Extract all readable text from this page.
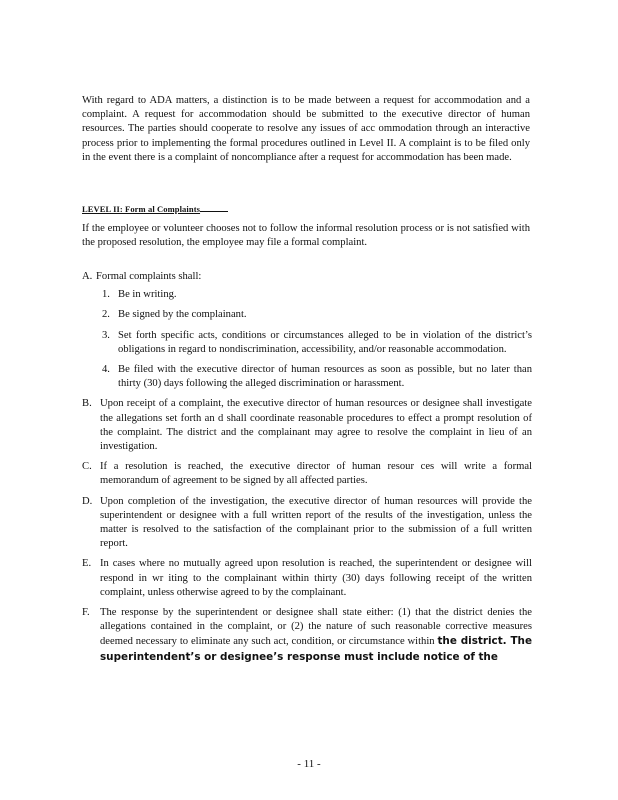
With regard to ADA matters, a distinction is to be made between a request for accommodation and a complaint. A request for accommodation should be submitted to the executive director of human resources. The parties should cooperate to resolve any issues of acc ommodation through an interactive process prior to implementing the formal procedures outlined in Level II. A complaint is to be filed only in the event there is a complaint of noncompliance after a request for accommodation has been made.

LEVEL II: Form al Complaints

If the employee or volunteer chooses not to follow the informal resolution process or is not satisfied with the proposed resolution, the employee may file a formal complaint.

A. Formal complaints shall:
1. Be in writing.
2. Be signed by the complainant.
3. Set forth specific acts, conditions or circumstances alleged to be in violation of the district’s obligations in regard to nondiscrimination, accessibility, and/or reasonable accommodation.
4. Be filed with the executive director of human resources as soon as possible, but no later than thirty (30) days following the alleged discrimination or harassment.
B. Upon receipt of a complaint, the executive director of human resources or designee shall investigate the allegations set forth an d shall coordinate reasonable procedures to effect a prompt resolution of the complaint. The district and the complainant may agree to resolve the complaint in lieu of an investigation.
C. If a resolution is reached, the executive director of human resour ces will write a formal memorandum of agreement to be signed by all affected parties.
D. Upon completion of the investigation, the executive director of human resources will provide the superintendent or designee with a full written report of the results of the investigation, unless the matter is resolved to the satisfaction of the complainant prior to the submission of a full written report.
E. In cases where no mutually agreed upon resolution is reached, the superintendent or designee will respond in wr iting to the complainant within thirty (30) days following receipt of the written complaint, unless otherwise agreed to by the complainant.
F. The response by the superintendent or designee shall state either: (1) that the district denies the allegations contained in the complaint, or (2) the nature of such reasonable corrective measures deemed necessary to eliminate any such act, condition, or circumstance within the district. The superintendent’s or designee’s response must include notice of the
- 11 -
